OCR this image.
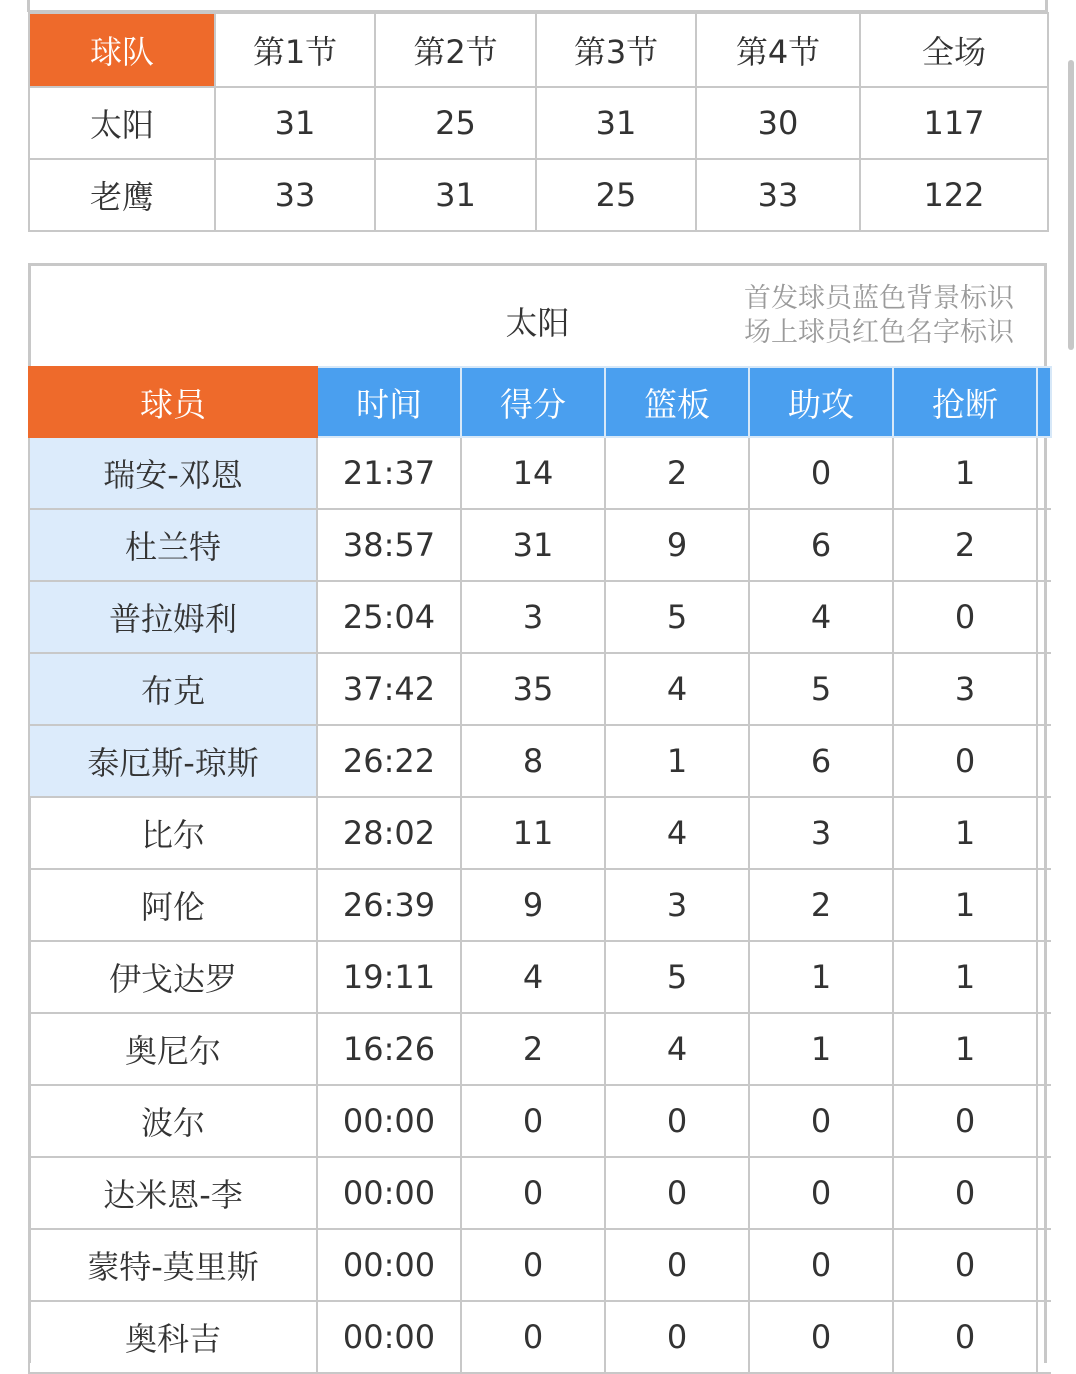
球队	第1节	第2节	第3节	第4节	全场
太阳	31	25	31	30	117
老鹰	33	31	25	33	122
太阳
首发球员蓝色背景标识
场上球员红色名字标识
球员	时间	得分	篮板	助攻	抢断	
瑞安-邓恩	21:37	14	2	0	1	
杜兰特	38:57	31	9	6	2	
普拉姆利	25:04	3	5	4	0	
布克	37:42	35	4	5	3	
泰厄斯-琼斯	26:22	8	1	6	0	
比尔	28:02	11	4	3	1	
阿伦	26:39	9	3	2	1	
伊戈达罗	19:11	4	5	1	1	
奥尼尔	16:26	2	4	1	1	
波尔	00:00	0	0	0	0	
达米恩-李	00:00	0	0	0	0	
蒙特-莫里斯	00:00	0	0	0	0	
奥科吉	00:00	0	0	0	0	
